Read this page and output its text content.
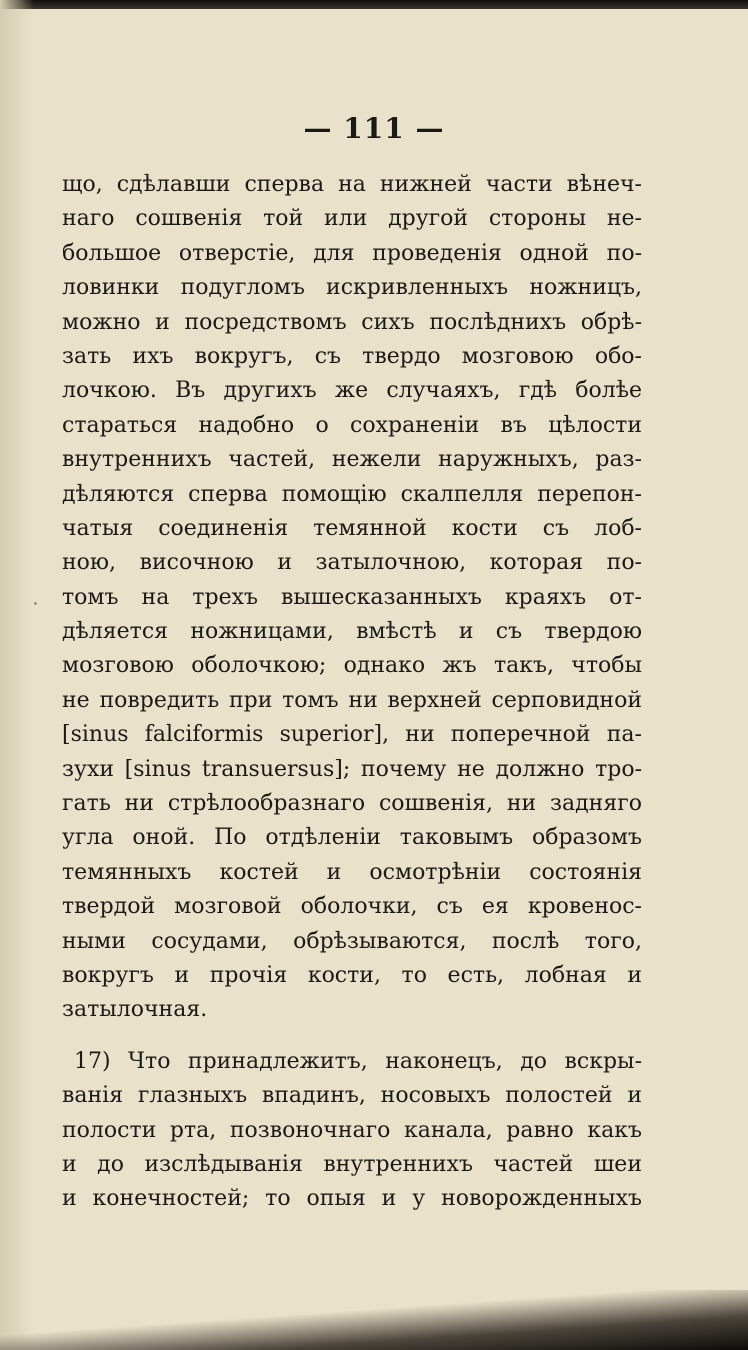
— 111 —
що, сдѣлавши сперва на нижней части вѣнеч-
наго сошвенія той или другой стороны не-
большое отверстіе, для проведенія одной по-
ловинки подугломъ искривленныхъ ножницъ,
можно и посредствомъ сихъ послѣднихъ обрѣ-
зать ихъ вокругъ, съ твердо мозговою обо-
лочкою. Въ другихъ же случаяхъ, гдѣ болѣе
стараться надобно о сохраненіи въ цѣлости
внутреннихъ частей, нежели наружныхъ, раз-
дѣляются сперва помощію скалпелля перепон-
чатыя соединенія темянной кости съ лоб-
ною, височною и затылочною, которая по-
томъ на трехъ вышесказанныхъ краяхъ от-
дѣляется ножницами, вмѣстѣ и съ твердою
мозговою оболочкою; однако жъ такъ, чтобы
не повредить при томъ ни верхней серповидной
[sinus falciformis superior], ни поперечной па-
зухи [sinus transuersus]; почему не должно тро-
гать ни стрѣлообразнаго сошвенія, ни задняго
угла оной. По отдѣленіи таковымъ образомъ
темянныхъ костей и осмотрѣніи состоянія
твердой мозговой оболочки, съ ея кровенос-
ными сосудами, обрѣзываются, послѣ того,
вокругъ и прочія кости, то есть, лобная и
затылочная.
17) Что принадлежитъ, наконецъ, до вскры-
ванія глазныхъ впадинъ, носовыхъ полостей и
полости рта, позвоночнаго канала, равно какъ
и до изслѣдыванія внутреннихъ частей шеи
и конечностей; то опыя и у новорожденныхъ
